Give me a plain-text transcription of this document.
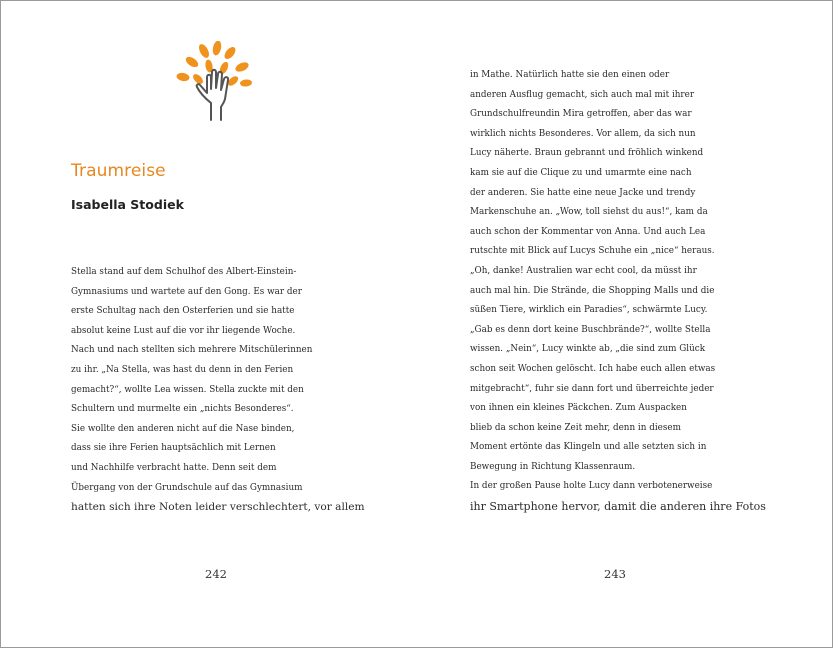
Traumreise
Isabella Stodiek
Stella stand auf dem Schulhof des Albert-Einstein-
Gymnasiums und wartete auf den Gong. Es war der
erste Schultag nach den Osterferien und sie hatte
absolut keine Lust auf die vor ihr liegende Woche.
Nach und nach stellten sich mehrere Mitschülerinnen
zu ihr. „Na Stella, was hast du denn in den Ferien
gemacht?“, wollte Lea wissen. Stella zuckte mit den
Schultern und murmelte ein „nichts Besonderes“.
Sie wollte den anderen nicht auf die Nase binden,
dass sie ihre Ferien hauptsächlich mit Lernen
und Nachhilfe verbracht hatte. Denn seit dem
Übergang von der Grundschule auf das Gymnasium
hatten sich ihre Noten leider verschlechtert, vor allem
242
in Mathe. Natürlich hatte sie den einen oder
anderen Ausflug gemacht, sich auch mal mit ihrer
Grundschulfreundin Mira getroffen, aber das war
wirklich nichts Besonderes. Vor allem, da sich nun
Lucy näherte. Braun gebrannt und fröhlich winkend
kam sie auf die Clique zu und umarmte eine nach
der anderen. Sie hatte eine neue Jacke und trendy
Markenschuhe an. „Wow, toll siehst du aus!“, kam da
auch schon der Kommentar von Anna. Und auch Lea
rutschte mit Blick auf Lucys Schuhe ein „nice“ heraus.
„Oh, danke! Australien war echt cool, da müsst ihr
auch mal hin. Die Strände, die Shopping Malls und die
süßen Tiere, wirklich ein Paradies“, schwärmte Lucy.
„Gab es denn dort keine Buschbrände?“, wollte Stella
wissen. „Nein“, Lucy winkte ab, „die sind zum Glück
schon seit Wochen gelöscht. Ich habe euch allen etwas
mitgebracht“, fuhr sie dann fort und überreichte jeder
von ihnen ein kleines Päckchen. Zum Auspacken
blieb da schon keine Zeit mehr, denn in diesem
Moment ertönte das Klingeln und alle setzten sich in
Bewegung in Richtung Klassenraum.
In der großen Pause holte Lucy dann verbotenerweise
ihr Smartphone hervor, damit die anderen ihre Fotos
243
